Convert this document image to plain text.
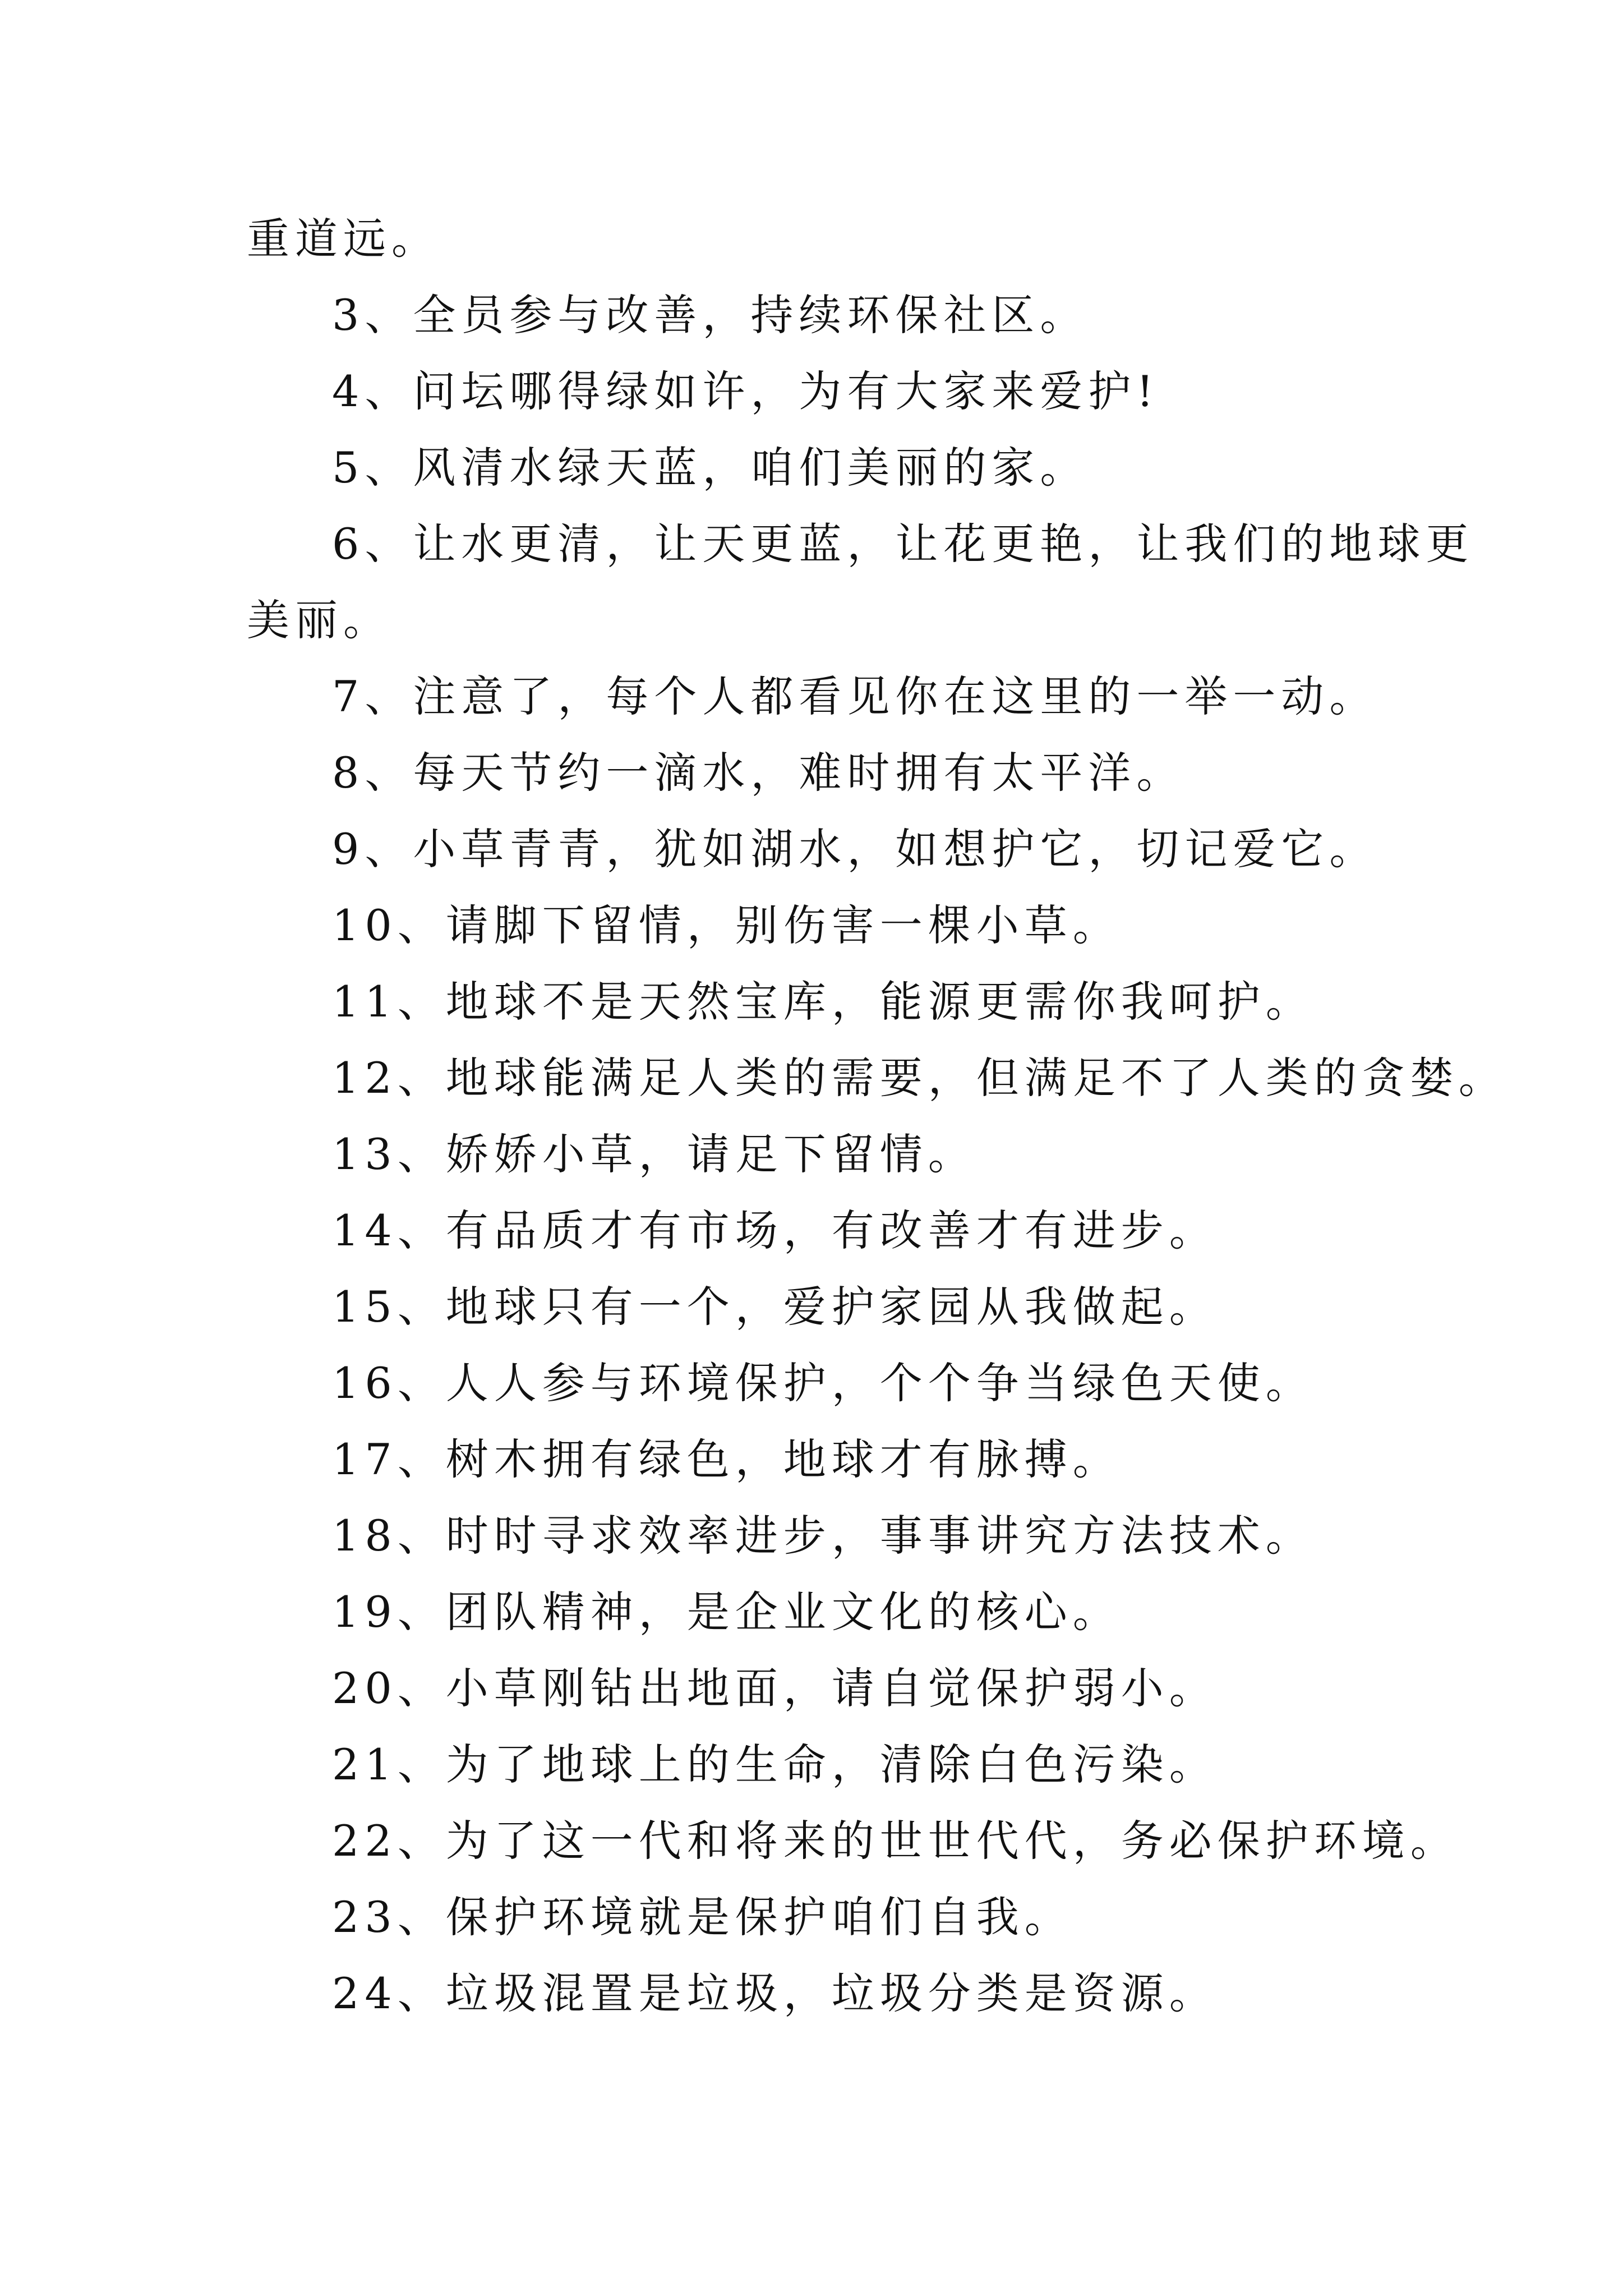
重道远。
3、全员参与改善，持续环保社区。
4、问坛哪得绿如许，为有大家来爱护!
5、风清水绿天蓝，咱们美丽的家。
6、让水更清，让天更蓝，让花更艳，让我们的地球更
美丽。
7、注意了，每个人都看见你在这里的一举一动。
8、每天节约一滴水，难时拥有太平洋。
9、小草青青，犹如湖水，如想护它，切记爱它。
10、请脚下留情，别伤害一棵小草。
11、地球不是天然宝库，能源更需你我呵护。
12、地球能满足人类的需要，但满足不了人类的贪婪。
13、娇娇小草，请足下留情。
14、有品质才有市场，有改善才有进步。
15、地球只有一个，爱护家园从我做起。
16、人人参与环境保护，个个争当绿色天使。
17、树木拥有绿色，地球才有脉搏。
18、时时寻求效率进步，事事讲究方法技术。
19、团队精神，是企业文化的核心。
20、小草刚钻出地面，请自觉保护弱小。
21、为了地球上的生命，清除白色污染。
22、为了这一代和将来的世世代代，务必保护环境。
23、保护环境就是保护咱们自我。
24、垃圾混置是垃圾，垃圾分类是资源。
